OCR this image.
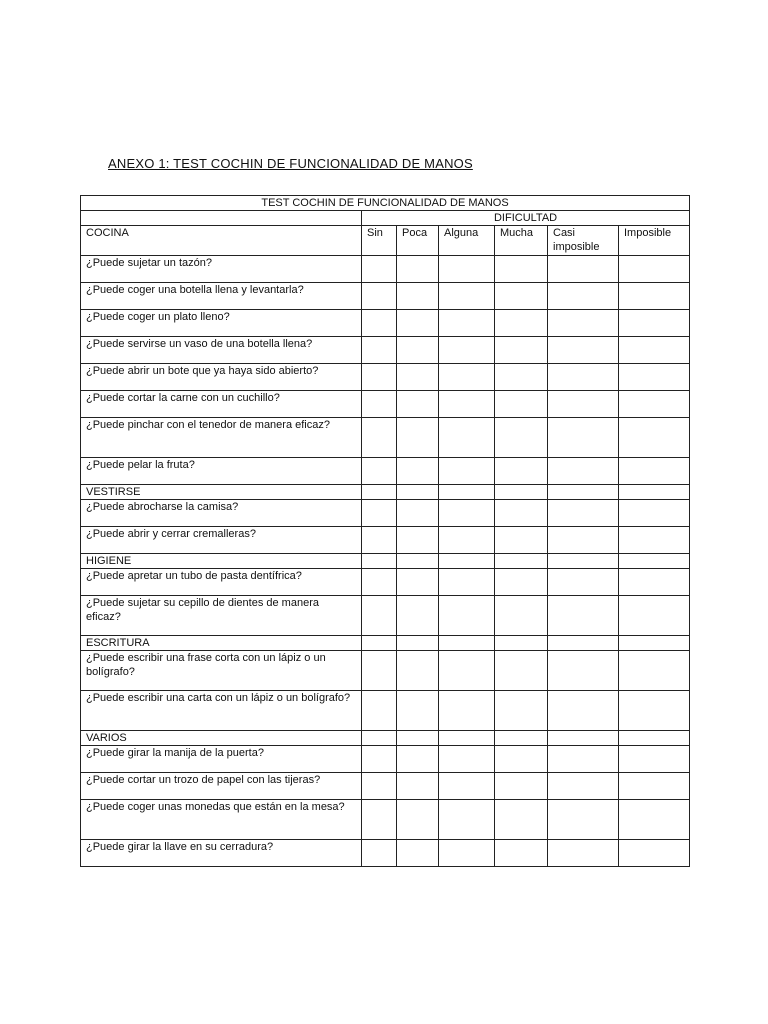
ANEXO 1: TEST COCHIN DE FUNCIONALIDAD DE MANOS
TEST COCHIN DE FUNCIONALIDAD DE MANOS						
	DIFICULTAD					
COCINA	Sin	Poca	Alguna	Mucha	Casi imposible	Imposible
¿Puede sujetar un tazón?						
¿Puede coger una botella llena y levantarla?						
¿Puede coger un plato lleno?						
¿Puede servirse un vaso de una botella llena?						
¿Puede abrir un bote que ya haya sido abierto?						
¿Puede cortar la carne con un cuchillo?						
¿Puede pinchar con el tenedor de manera eficaz?						
¿Puede pelar la fruta?						
VESTIRSE						
¿Puede abrocharse la camisa?						
¿Puede abrir y cerrar cremalleras?						
HIGIENE						
¿Puede apretar un tubo de pasta dentífrica?						
¿Puede sujetar su cepillo de dientes de manera eficaz?						
ESCRITURA						
¿Puede escribir una frase corta con un lápiz o un bolígrafo?						
¿Puede escribir una carta con un lápiz o un bolígrafo?						
VARIOS						
¿Puede girar la manija de la puerta?						
¿Puede cortar un trozo de papel con las tijeras?						
¿Puede coger unas monedas que están en la mesa?						
¿Puede girar la llave en su cerradura?						
